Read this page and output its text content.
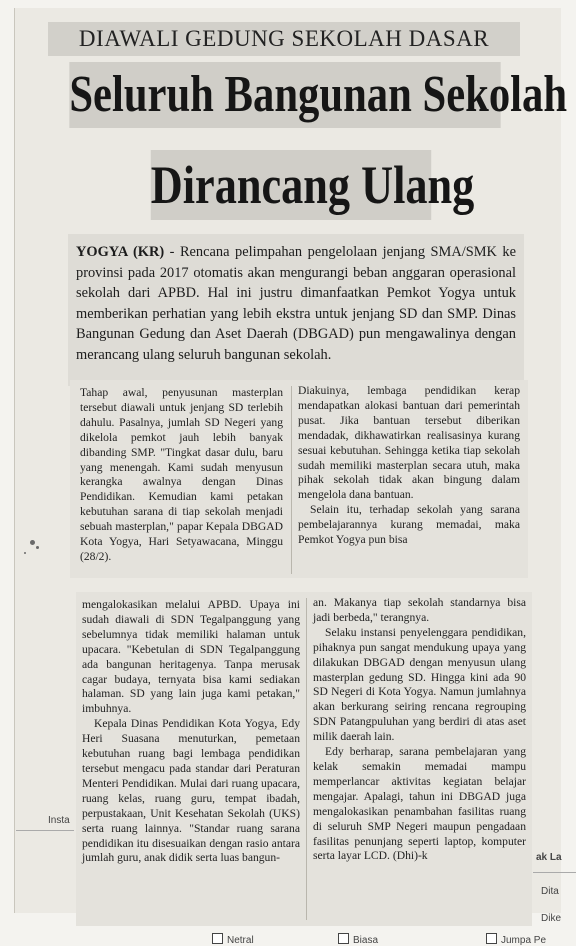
DIAWALI GEDUNG SEKOLAH DASAR
Seluruh Bangunan Sekolah
Dirancang Ulang

YOGYA (KR) - Rencana pelimpahan pengelolaan jenjang SMA/SMK ke provinsi pada 2017 otomatis akan mengurangi beban anggaran operasional sekolah dari APBD. Hal ini justru dimanfaatkan Pemkot Yogya untuk memberikan perhatian yang lebih ekstra untuk jenjang SD dan SMP. Dinas Bangunan Gedung dan Aset Daerah (DBGAD) pun mengawalinya dengan merancang ulang seluruh bangunan sekolah.

Tahap awal, penyusunan masterplan tersebut diawali untuk jenjang SD terlebih dahulu. Pasalnya, jumlah SD Negeri yang dikelola pemkot jauh lebih banyak dibanding SMP. "Tingkat dasar dulu, baru yang menengah. Kami sudah menyusun kerangka awalnya dengan Dinas Pendidikan. Kemudian kami petakan kebutuhan sarana di tiap sekolah menjadi sebuah masterplan," papar Kepala DBGAD Kota Yogya, Hari Setyawacana, Minggu (28/2).

Diakuinya, lembaga pendidikan kerap mendapatkan alokasi bantuan dari pemerintah pusat. Jika bantuan tersebut diberikan mendadak, dikhawatirkan realisasinya kurang sesuai kebutuhan. Sehingga ketika tiap sekolah sudah memiliki masterplan secara utuh, maka pihak sekolah tidak akan bingung dalam mengelola dana bantuan.

Selain itu, terhadap sekolah yang sarana pembelajarannya kurang memadai, maka Pemkot Yogya pun bisa

mengalokasikan melalui APBD. Upaya ini sudah diawali di SDN Tegalpanggung yang sebelumnya tidak memiliki halaman untuk upacara. "Kebetulan di SDN Tegalpanggung ada bangunan heritagenya. Tanpa merusak cagar budaya, ternyata bisa kami sediakan halaman. SD yang lain juga kami petakan," imbuhnya.

Kepala Dinas Pendidikan Kota Yogya, Edy Heri Suasana menuturkan, pemetaan kebutuhan ruang bagi lembaga pendidikan tersebut mengacu pada standar dari Peraturan Menteri Pendidikan. Mulai dari ruang upacara, ruang kelas, ruang guru, tempat ibadah, perpustakaan, Unit Kesehatan Sekolah (UKS) serta ruang lainnya. "Standar ruang sarana pendidikan itu disesuaikan dengan rasio antara jumlah guru, anak didik serta luas bangun-

an. Makanya tiap sekolah standarnya bisa jadi berbeda," terangnya.

Selaku instansi penyelenggara pendidikan, pihaknya pun sangat mendukung upaya yang dilakukan DBGAD dengan menyusun ulang masterplan gedung SD. Hingga kini ada 90 SD Negeri di Kota Yogya. Namun jumlahnya akan berkurang seiring rencana regrouping SDN Patangpuluhan yang berdiri di atas aset milik daerah lain.

Edy berharap, sarana pembelajaran yang kelak semakin memadai mampu memperlancar aktivitas kegiatan belajar mengajar. Apalagi, tahun ini DBGAD juga mengalokasikan penambahan fasilitas ruang di seluruh SMP Negeri maupun pengadaan fasilitas penunjang seperti laptop, komputer serta layar LCD. (Dhi)-k

Insta
ak La
Dita
Dike
Netral	Biasa	Jumpa Pe
